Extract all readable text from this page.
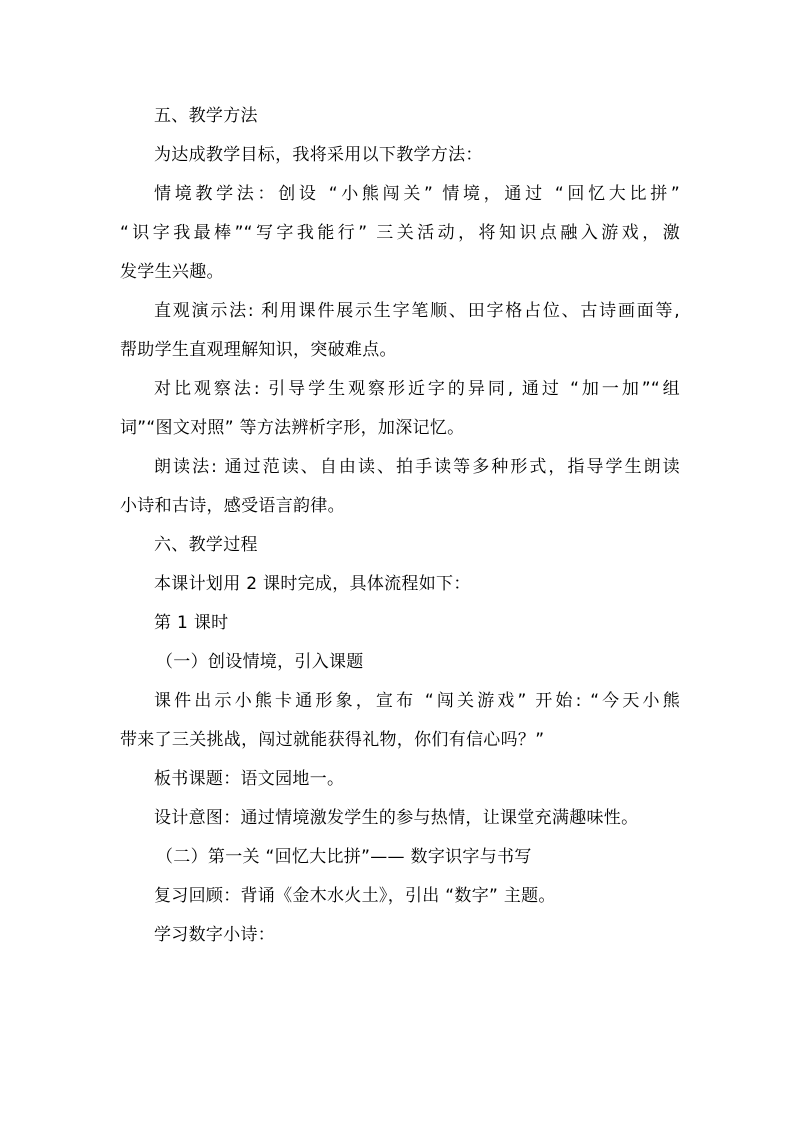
五、教学方法
为达成教学目标，我将采用以下教学方法：
情境教学法：创设 “小熊闯关” 情境，通过 “回忆大比拼”
“识字我最棒”“写字我能行” 三关活动，将知识点融入游戏，激
发学生兴趣。
直观演示法: 利用课件展示生字笔顺、田字格占位、古诗画面等,
帮助学生直观理解知识，突破难点。
对比观察法: 引导学生观察形近字的异同, 通过 “加一加”“组
词”“图文对照” 等方法辨析字形，加深记忆。
朗读法: 通过范读、自由读、拍手读等多种形式，指导学生朗读
小诗和古诗，感受语言韵律。
六、教学过程
本课计划用 2 课时完成，具体流程如下：
第 1 课时
（一）创设情境，引入课题
课件出示小熊卡通形象，宣布 “闯关游戏” 开始: “今天小熊
带来了三关挑战，闯过就能获得礼物，你们有信心吗？”
板书课题：语文园地一。
设计意图：通过情境激发学生的参与热情，让课堂充满趣味性。
（二）第一关 “回忆大比拼”—— 数字识字与书写
复习回顾：背诵《金木水火土》，引出 “数字” 主题。
学习数字小诗：
